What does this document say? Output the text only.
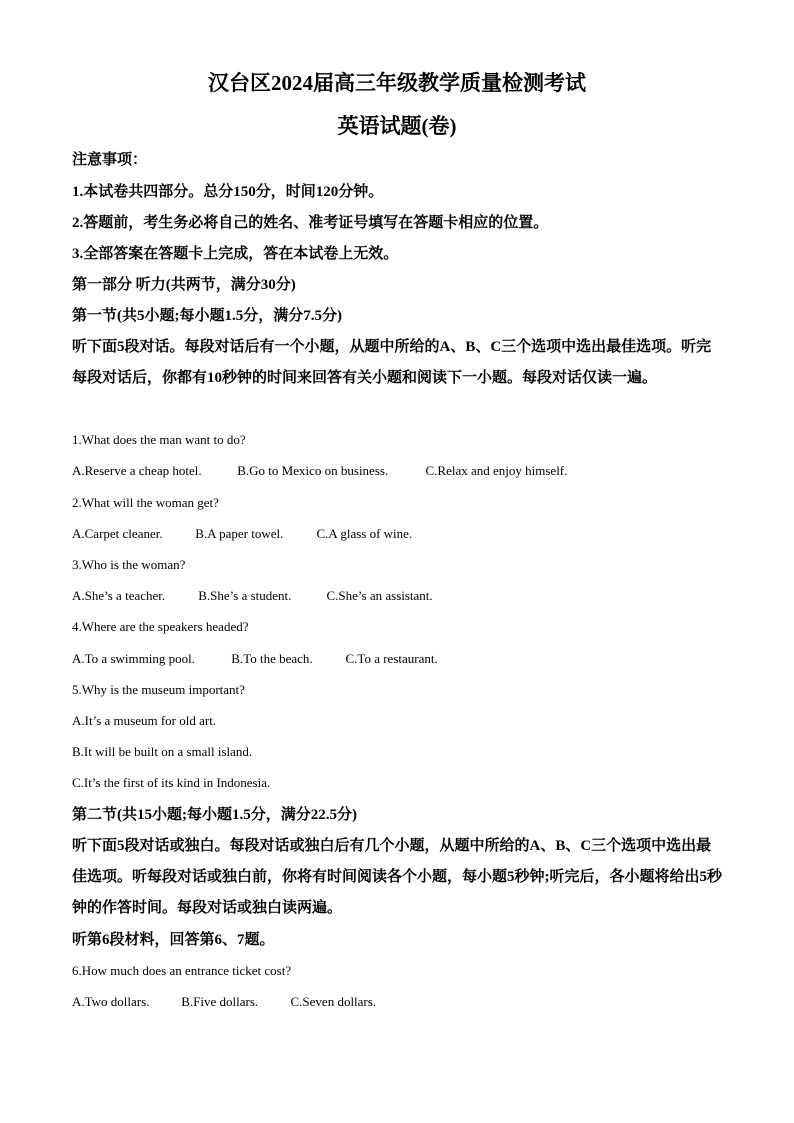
汉台区2024届高三年级教学质量检测考试
英语试题(卷)
注意事项：
1.本试卷共四部分。总分150分，时间120分钟。
2.答题前，考生务必将自己的姓名、准考证号填写在答题卡相应的位置。
3.全部答案在答题卡上完成，答在本试卷上无效。
第一部分 听力(共两节，满分30分)
第一节(共5小题;每小题1.5分，满分7.5分)
听下面5段对话。每段对话后有一个小题，从题中所给的A、B、C三个选项中选出最佳选项。听完每段对话后，你都有10秒钟的时间来回答有关小题和阅读下一小题。每段对话仅读一遍。
1.What does the man want to do?
A.Reserve a cheap hotel.	B.Go to Mexico on business.	C.Relax and enjoy himself.
2.What will the woman get?
A.Carpet cleaner.	B.A paper towel.	C.A glass of wine.
3.Who is the woman?
A.She’s a teacher.	B.She’s a student.	C.She’s an assistant.
4.Where are the speakers headed?
A.To a swimming pool.	B.To the beach.	C.To a restaurant.
5.Why is the museum important?
A.It’s a museum for old art.
B.It will be built on a small island.
C.It’s the first of its kind in Indonesia.
第二节(共15小题;每小题1.5分，满分22.5分)
听下面5段对话或独白。每段对话或独白后有几个小题，从题中所给的A、B、C三个选项中选出最佳选项。听每段对话或独白前，你将有时间阅读各个小题，每小题5秒钟;听完后，各小题将给出5秒钟的作答时间。每段对话或独白读两遍。
听第6段材料，回答第6、7题。
6.How much does an entrance ticket cost?
A.Two dollars. B.Five dollars. C.Seven dollars.
